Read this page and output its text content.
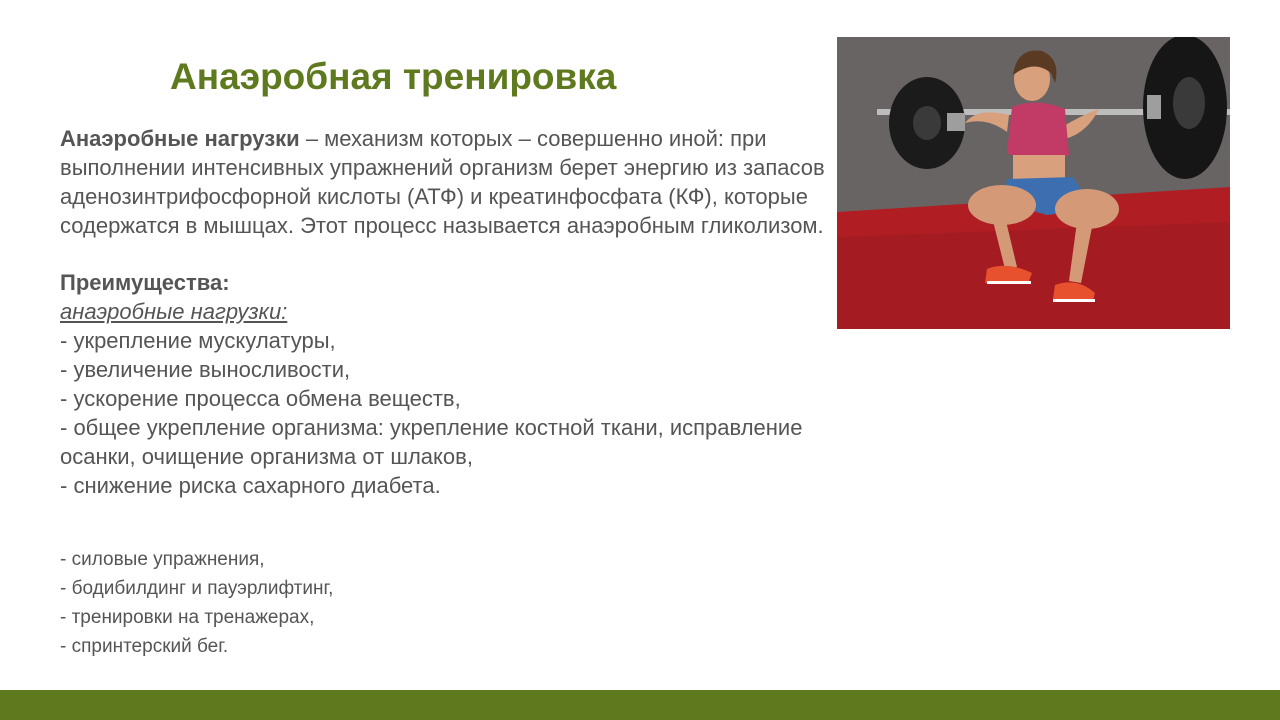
Анаэробная тренировка

Анаэробные нагрузки – механизм которых – совершенно иной: при выполнении интенсивных упражнений организм берет энергию из запасов аденозинтрифосфорной кислоты (АТФ) и креатинфосфата (КФ), которые содержатся в мышцах. Этот процесс называется анаэробным гликолизом.

Преимущества:

анаэробные нагрузки:

- укрепление мускулатуры,

- увеличение выносливости,

- ускорение процесса обмена веществ,

- общее укрепление организма: укрепление костной ткани, исправление осанки, очищение организма от шлаков,

- снижение риска сахарного диабета.

- силовые упражнения,
- бодибилдинг и пауэрлифтинг,
- тренировки на тренажерах,
- спринтерский бег.
